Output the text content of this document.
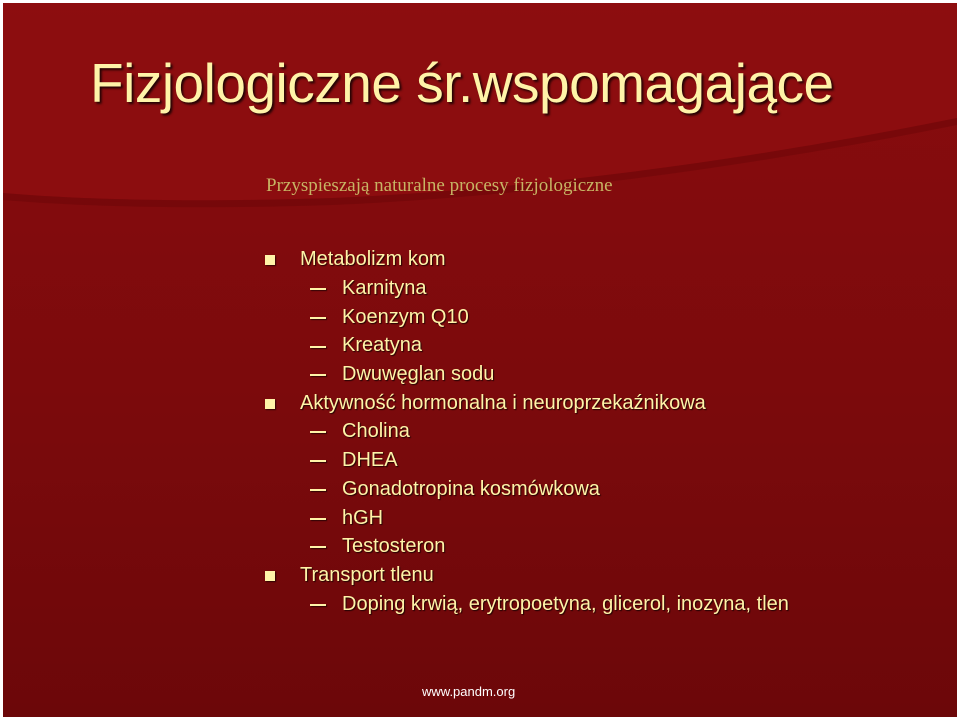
Fizjologiczne śr.wspomagające
Przyspieszają naturalne procesy fizjologiczne
Metabolizm kom
Karnityna
Koenzym Q10
Kreatyna
Dwuwęglan sodu
Aktywność hormonalna i neuroprzekaźnikowa
Cholina
DHEA
Gonadotropina kosmówkowa
hGH
Testosteron
Transport tlenu
Doping krwią, erytropoetyna, glicerol, inozyna, tlen
www.pandm.org
